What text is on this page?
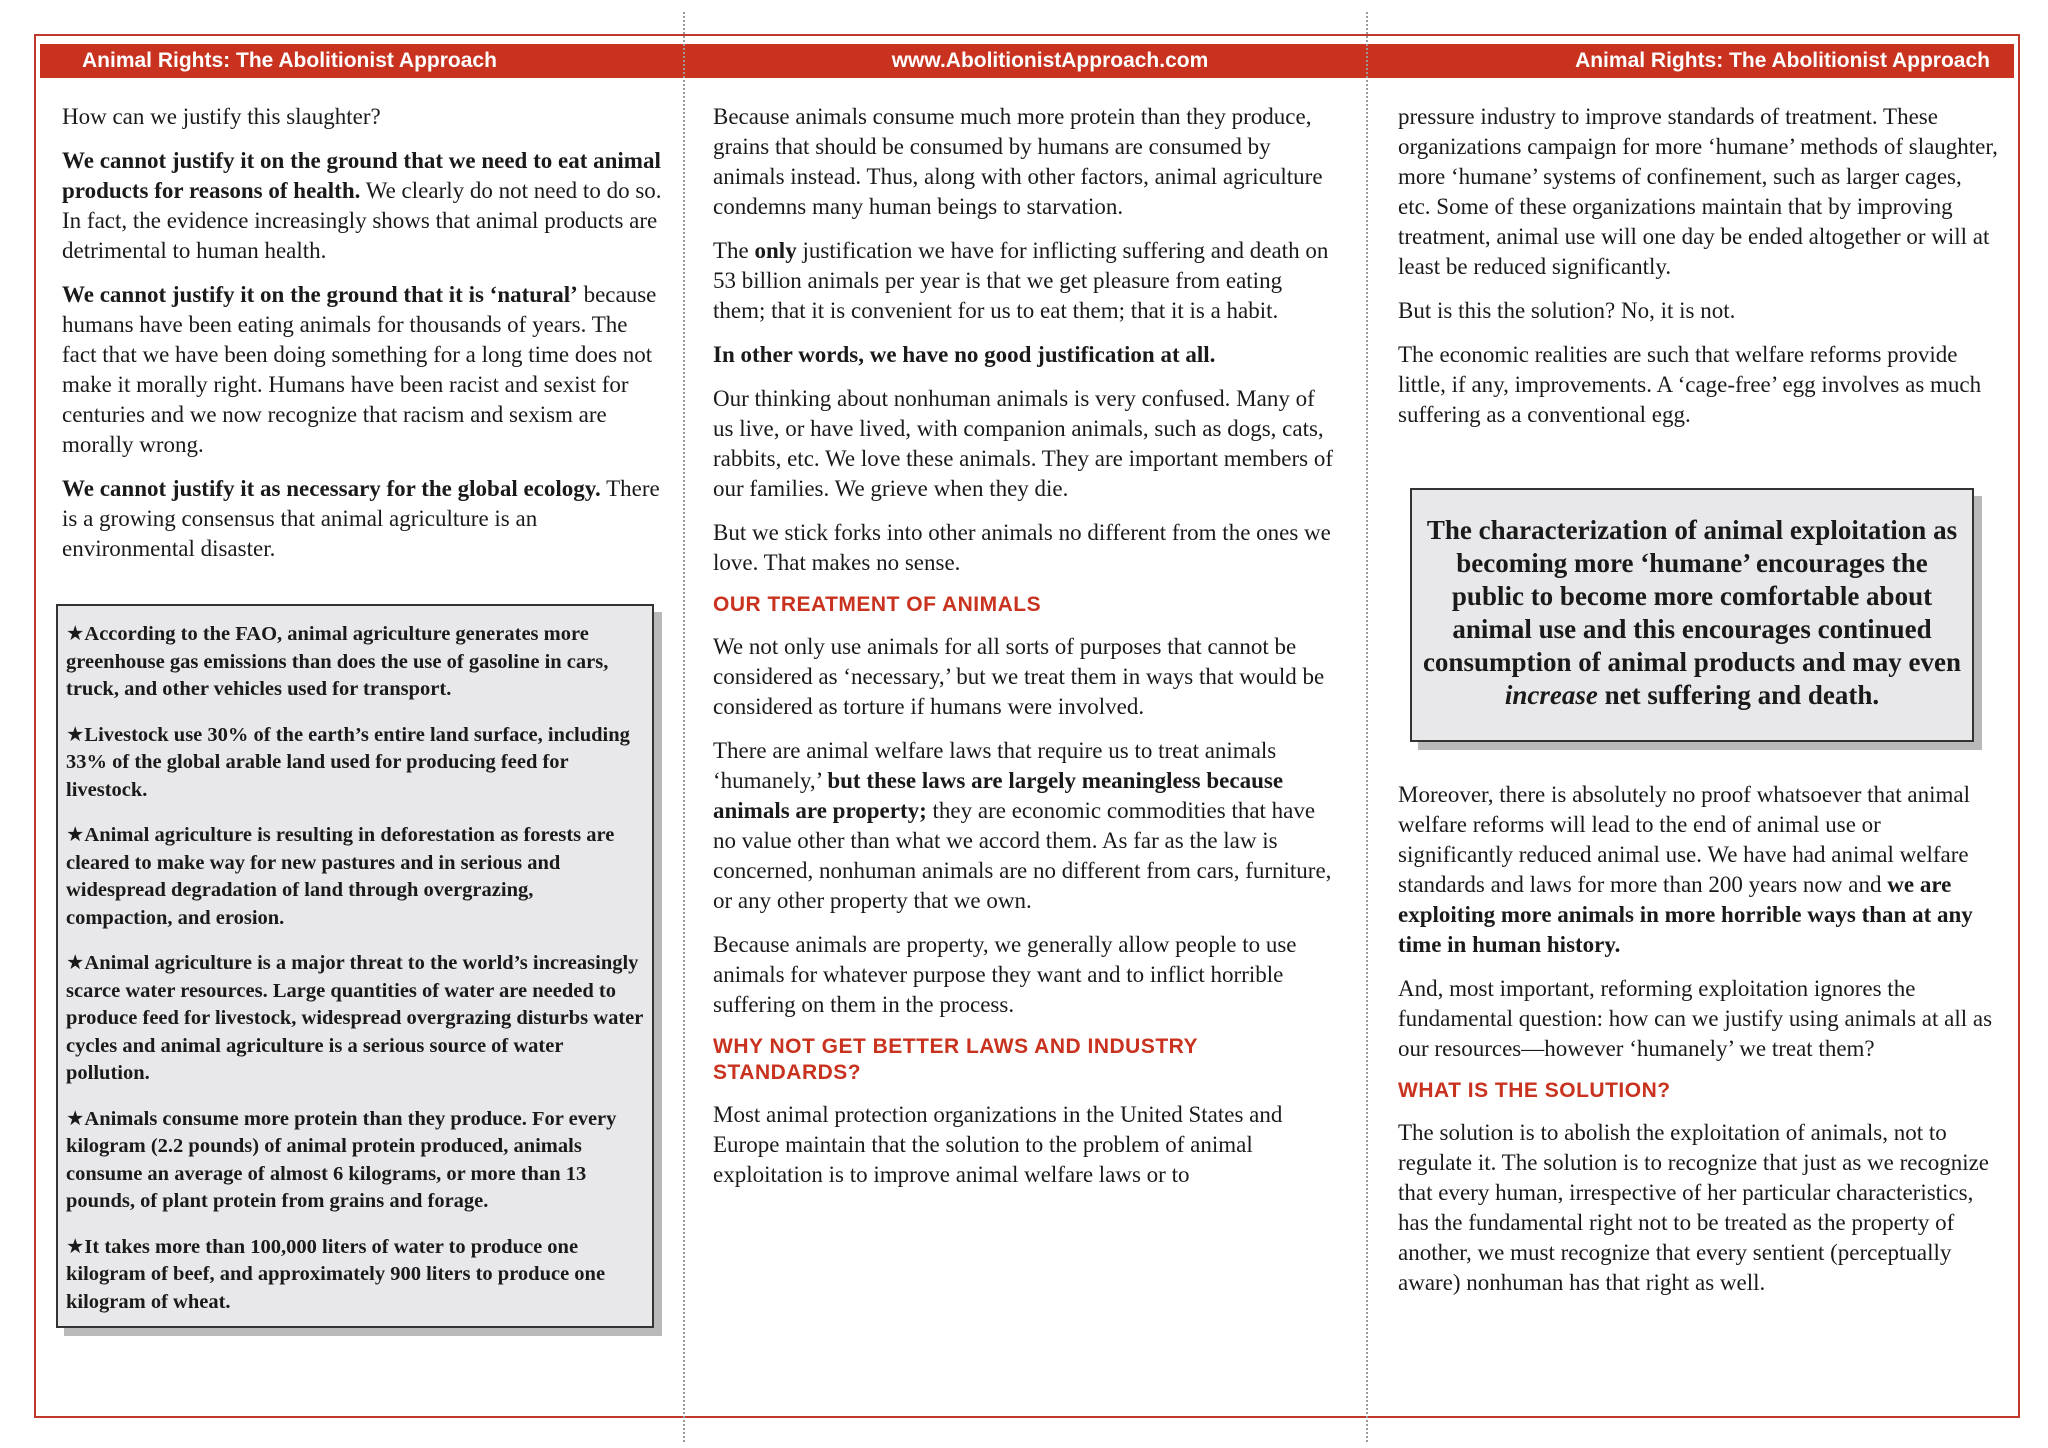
Animal Rights: The Abolitionist Approach	www.AbolitionistApproach.com	Animal Rights: The Abolitionist Approach

How can we justify this slaughter?

We cannot justify it on the ground that we need to eat animal products for reasons of health. We clearly do not need to do so. In fact, the evidence increasingly shows that animal products are detrimental to human health.

We cannot justify it on the ground that it is ‘natural’ because humans have been eating animals for thousands of years. The fact that we have been doing something for a long time does not make it morally right. Humans have been racist and sexist for centuries and we now recognize that racism and sexism are morally wrong.

We cannot justify it as necessary for the global ecology. There is a growing consensus that animal agriculture is an environmental disaster.

★According to the FAO, animal agriculture generates more greenhouse gas emissions than does the use of gasoline in cars, truck, and other vehicles used for transport.
★Livestock use 30% of the earth’s entire land surface, including 33% of the global arable land used for producing feed for livestock.
★Animal agriculture is resulting in deforestation as forests are cleared to make way for new pastures and in serious and widespread degradation of land through overgrazing, compaction, and erosion.
★Animal agriculture is a major threat to the world’s increasingly scarce water resources. Large quantities of water are needed to produce feed for livestock, widespread overgrazing disturbs water cycles and animal agriculture is a serious source of water pollution.
★Animals consume more protein than they produce. For every kilogram (2.2 pounds) of animal protein produced, animals consume an average of almost 6 kilograms, or more than 13 pounds, of plant protein from grains and forage.
★It takes more than 100,000 liters of water to produce one kilogram of beef, and approximately 900 liters to produce one kilogram of wheat.

Because animals consume much more protein than they produce, grains that should be consumed by humans are consumed by animals instead. Thus, along with other factors, animal agriculture condemns many human beings to starvation.

The only justification we have for inflicting suffering and death on 53 billion animals per year is that we get pleasure from eating them; that it is convenient for us to eat them; that it is a habit.

In other words, we have no good justification at all.

Our thinking about nonhuman animals is very confused. Many of us live, or have lived, with companion animals, such as dogs, cats, rabbits, etc. We love these animals. They are important members of our families. We grieve when they die.

But we stick forks into other animals no different from the ones we love. That makes no sense.

OUR TREATMENT OF ANIMALS

We not only use animals for all sorts of purposes that cannot be considered as ‘necessary,’ but we treat them in ways that would be considered as torture if humans were involved.

There are animal welfare laws that require us to treat animals ‘humanely,’ but these laws are largely meaningless because animals are property; they are economic commodities that have no value other than what we accord them. As far as the law is concerned, nonhuman animals are no different from cars, furniture, or any other property that we own.

Because animals are property, we generally allow people to use animals for whatever purpose they want and to inflict horrible suffering on them in the process.

WHY NOT GET BETTER LAWS AND INDUSTRY STANDARDS?

Most animal protection organizations in the United States and Europe maintain that the solution to the problem of animal exploitation is to improve animal welfare laws or to

pressure industry to improve standards of treatment. These organizations campaign for more ‘humane’ methods of slaughter, more ‘humane’ systems of confinement, such as larger cages, etc. Some of these organizations maintain that by improving treatment, animal use will one day be ended altogether or will at least be reduced significantly.

But is this the solution? No, it is not.

The economic realities are such that welfare reforms provide little, if any, improvements. A ‘cage-free’ egg involves as much suffering as a conventional egg.

The characterization of animal exploitation as becoming more ‘humane’ encourages the public to become more comfortable about animal use and this encourages continued consumption of animal products and may even increase net suffering and death.

Moreover, there is absolutely no proof whatsoever that animal welfare reforms will lead to the end of animal use or significantly reduced animal use. We have had animal welfare standards and laws for more than 200 years now and we are exploiting more animals in more horrible ways than at any time in human history.

And, most important, reforming exploitation ignores the fundamental question: how can we justify using animals at all as our resources—however ‘humanely’ we treat them?

WHAT IS THE SOLUTION?

The solution is to abolish the exploitation of animals, not to regulate it. The solution is to recognize that just as we recognize that every human, irrespective of her particular characteristics, has the fundamental right not to be treated as the property of another, we must recognize that every sentient (perceptually aware) nonhuman has that right as well.
